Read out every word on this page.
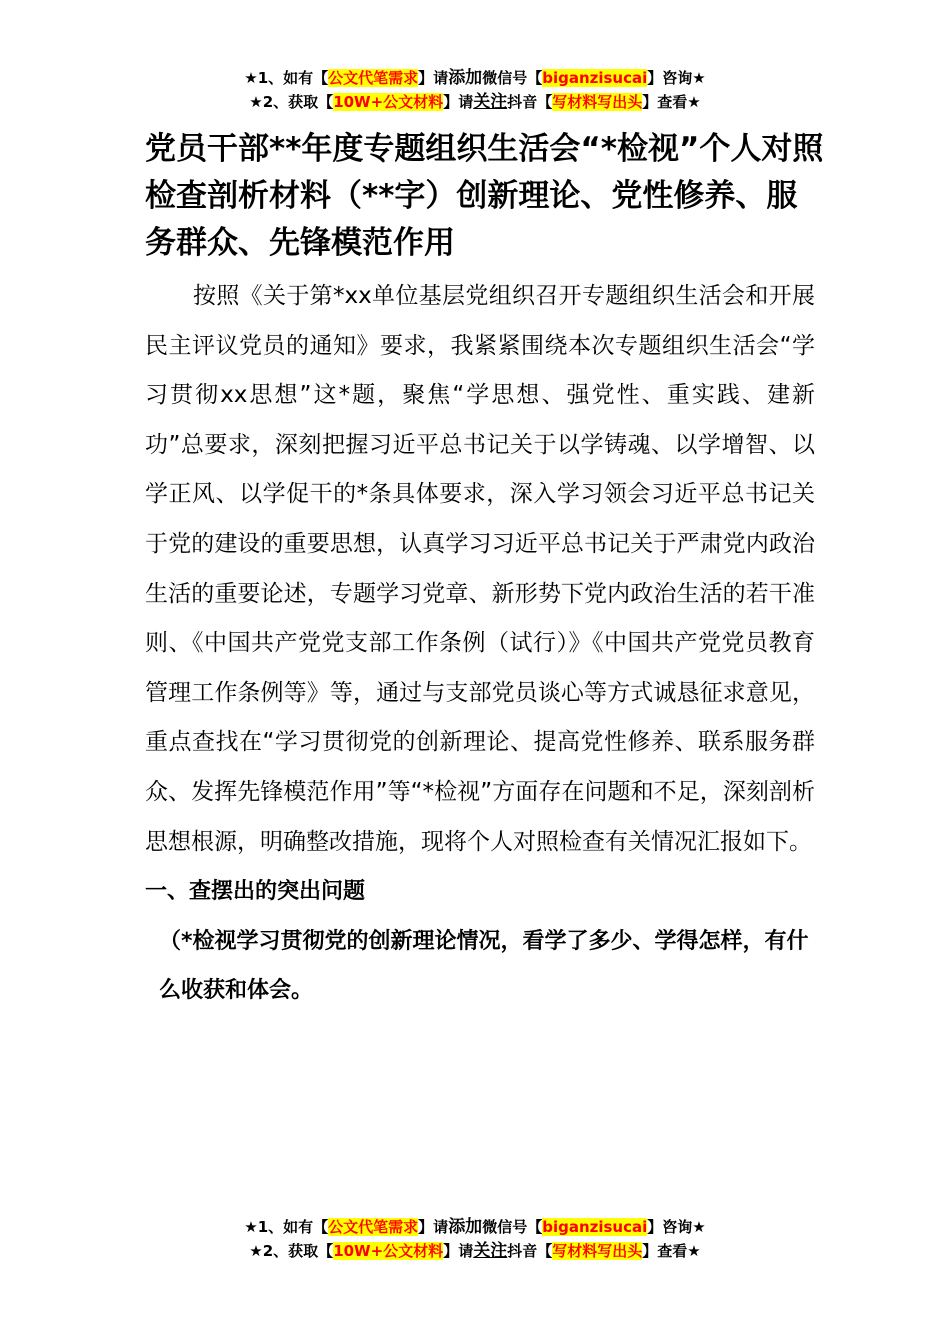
★1、如有【公文代笔需求】请添加微信号【biganzisucai】咨询★
★2、获取【10W+公文材料】请关注抖音【写材料写出头】查看★
党员干部**年度专题组织生活会“*检视”个人对照检查剖析材料（**字）创新理论、党性修养、服务群众、先锋模范作用

按照《关于第*xx单位基层党组织召开专题组织生活会和开展民主评议党员的通知》要求，我紧紧围绕本次专题组织生活会“学习贯彻xx思想”这*题，聚焦“学思想、强党性、重实践、建新功”总要求，深刻把握习近平总书记关于以学铸魂、以学增智、以学正风、以学促干的*条具体要求，深入学习领会习近平总书记关于党的建设的重要思想，认真学习习近平总书记关于严肃党内政治生活的重要论述，专题学习党章、新形势下党内政治生活的若干准则、《中国共产党党支部工作条例（试行）》《中国共产党党员教育管理工作条例等》等，通过与支部党员谈心等方式诚恳征求意见，重点查找在“学习贯彻党的创新理论、提高党性修养、联系服务群众、发挥先锋模范作用”等“*检视”方面存在问题和不足，深刻剖析思想根源，明确整改措施，现将个人对照检查有关情况汇报如下。

一、查摆出的突出问题

（*检视学习贯彻党的创新理论情况，看学了多少、学得怎样，有什么收获和体会。

★1、如有【公文代笔需求】请添加微信号【biganzisucai】咨询★
★2、获取【10W+公文材料】请关注抖音【写材料写出头】查看★
